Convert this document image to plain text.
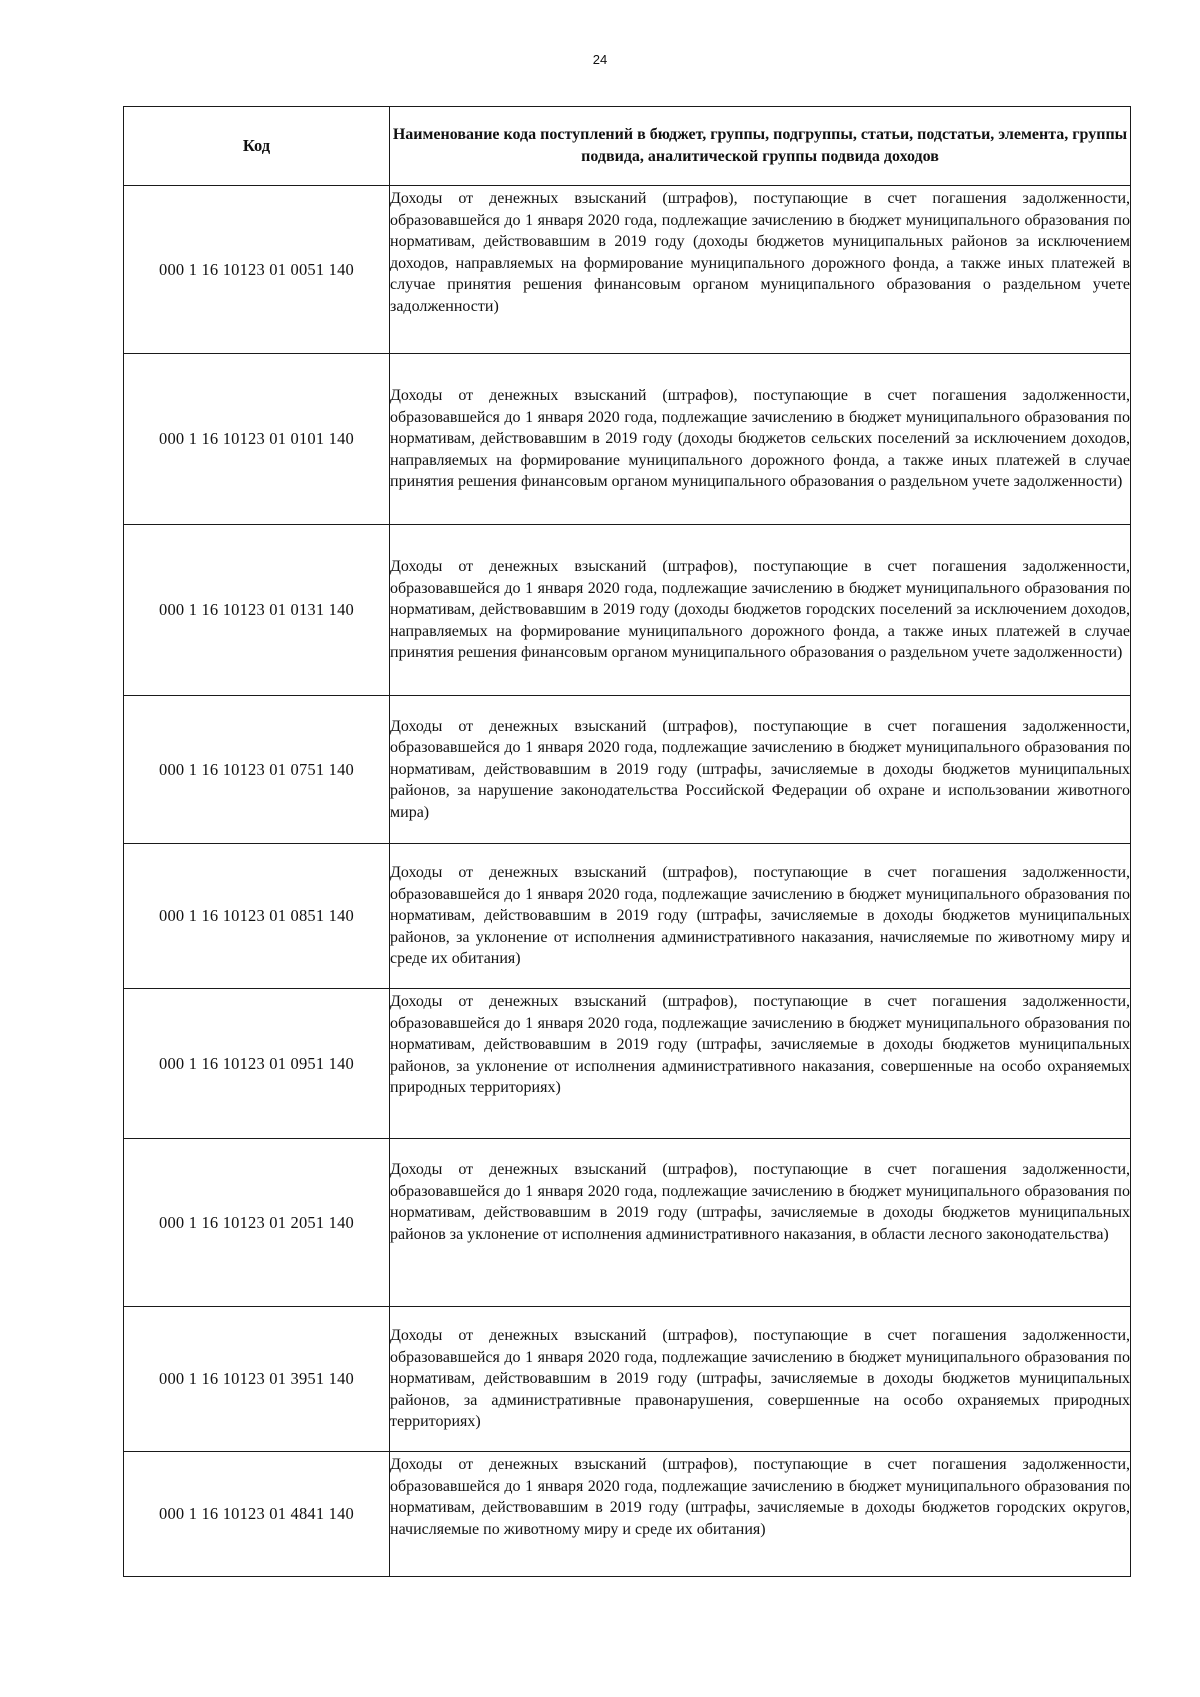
24
Код	Наименование кода поступлений в бюджет, группы, подгруппы, статьи, подстатьи, элемента, группы подвида, аналитической группы подвида доходов
000 1 16 10123 01 0051 140	Доходы от денежных взысканий (штрафов), поступающие в счет погашения задолженности, образовавшейся до 1 января 2020 года, подлежащие зачислению в бюджет муниципального образования по нормативам, действовавшим в 2019 году (доходы бюджетов муниципальных районов за исключением доходов, направляемых на формирование муниципального дорожного фонда, а также иных платежей в случае принятия решения финансовым органом муниципального образования о раздельном учете задолженности)
000 1 16 10123 01 0101 140	Доходы от денежных взысканий (штрафов), поступающие в счет погашения задолженности, образовавшейся до 1 января 2020 года, подлежащие зачислению в бюджет муниципального образования по нормативам, действовавшим в 2019 году (доходы бюджетов сельских поселений за исключением доходов, направляемых на формирование муниципального дорожного фонда, а также иных платежей в случае принятия решения финансовым органом муниципального образования о раздельном учете задолженности)
000 1 16 10123 01 0131 140	Доходы от денежных взысканий (штрафов), поступающие в счет погашения задолженности, образовавшейся до 1 января 2020 года, подлежащие зачислению в бюджет муниципального образования по нормативам, действовавшим в 2019 году (доходы бюджетов городских поселений за исключением доходов, направляемых на формирование муниципального дорожного фонда, а также иных платежей в случае принятия решения финансовым органом муниципального образования о раздельном учете задолженности)
000 1 16 10123 01 0751 140	Доходы от денежных взысканий (штрафов), поступающие в счет погашения задолженности, образовавшейся до 1 января 2020 года, подлежащие зачислению в бюджет муниципального образования по нормативам, действовавшим в 2019 году (штрафы, зачисляемые в доходы бюджетов муниципальных районов, за нарушение законодательства Российской Федерации об охране и использовании животного мира)
000 1 16 10123 01 0851 140	Доходы от денежных взысканий (штрафов), поступающие в счет погашения задолженности, образовавшейся до 1 января 2020 года, подлежащие зачислению в бюджет муниципального образования по нормативам, действовавшим в 2019 году (штрафы, зачисляемые в доходы бюджетов муниципальных районов, за уклонение от исполнения административного наказания, начисляемые по животному миру и среде их обитания)
000 1 16 10123 01 0951 140	Доходы от денежных взысканий (штрафов), поступающие в счет погашения задолженности, образовавшейся до 1 января 2020 года, подлежащие зачислению в бюджет муниципального образования по нормативам, действовавшим в 2019 году (штрафы, зачисляемые в доходы бюджетов муниципальных районов, за уклонение от исполнения административного наказания, совершенные на особо охраняемых природных территориях)
000 1 16 10123 01 2051 140	Доходы от денежных взысканий (штрафов), поступающие в счет погашения задолженности, образовавшейся до 1 января 2020 года, подлежащие зачислению в бюджет муниципального образования по нормативам, действовавшим в 2019 году (штрафы, зачисляемые в доходы бюджетов муниципальных районов за уклонение от исполнения административного наказания, в области лесного законодательства)
000 1 16 10123 01 3951 140	Доходы от денежных взысканий (штрафов), поступающие в счет погашения задолженности, образовавшейся до 1 января 2020 года, подлежащие зачислению в бюджет муниципального образования по нормативам, действовавшим в 2019 году (штрафы, зачисляемые в доходы бюджетов муниципальных районов, за административные правонарушения, совершенные на особо охраняемых природных территориях)
000 1 16 10123 01 4841 140	Доходы от денежных взысканий (штрафов), поступающие в счет погашения задолженности, образовавшейся до 1 января 2020 года, подлежащие зачислению в бюджет муниципального образования по нормативам, действовавшим в 2019 году (штрафы, зачисляемые в доходы бюджетов городских округов, начисляемые по животному миру и среде их обитания)
